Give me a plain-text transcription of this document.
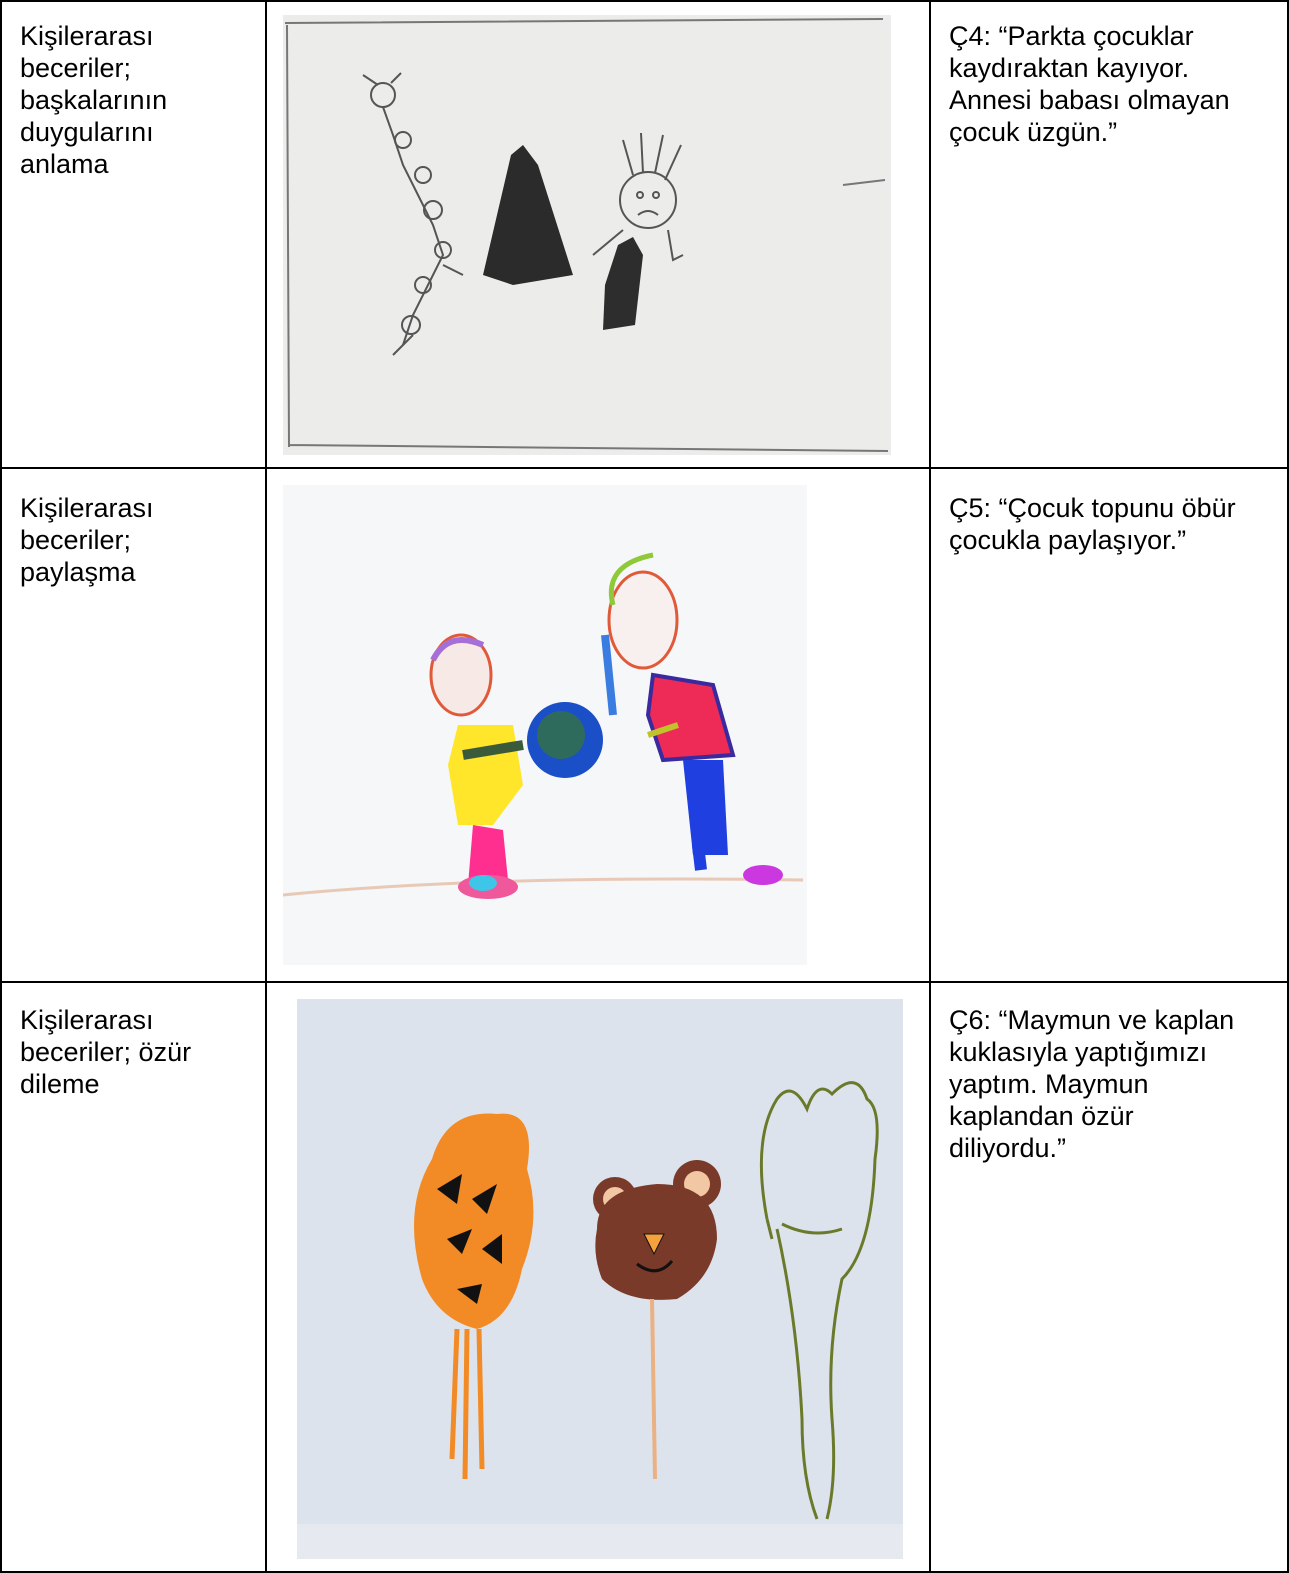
Kişilerarası
beceriler;
başkalarının
duygularını
anlama
Ç4: “Parkta çocuklar
kaydıraktan kayıyor.
Annesi babası olmayan
çocuk üzgün.”
Kişilerarası
beceriler;
paylaşma
Ç5: “Çocuk topunu öbür
çocukla paylaşıyor.”
Kişilerarası
beceriler; özür
dileme
Ç6: “Maymun ve kaplan
kuklasıyla yaptığımızı
yaptım. Maymun
kaplandan özür
diliyordu.”
